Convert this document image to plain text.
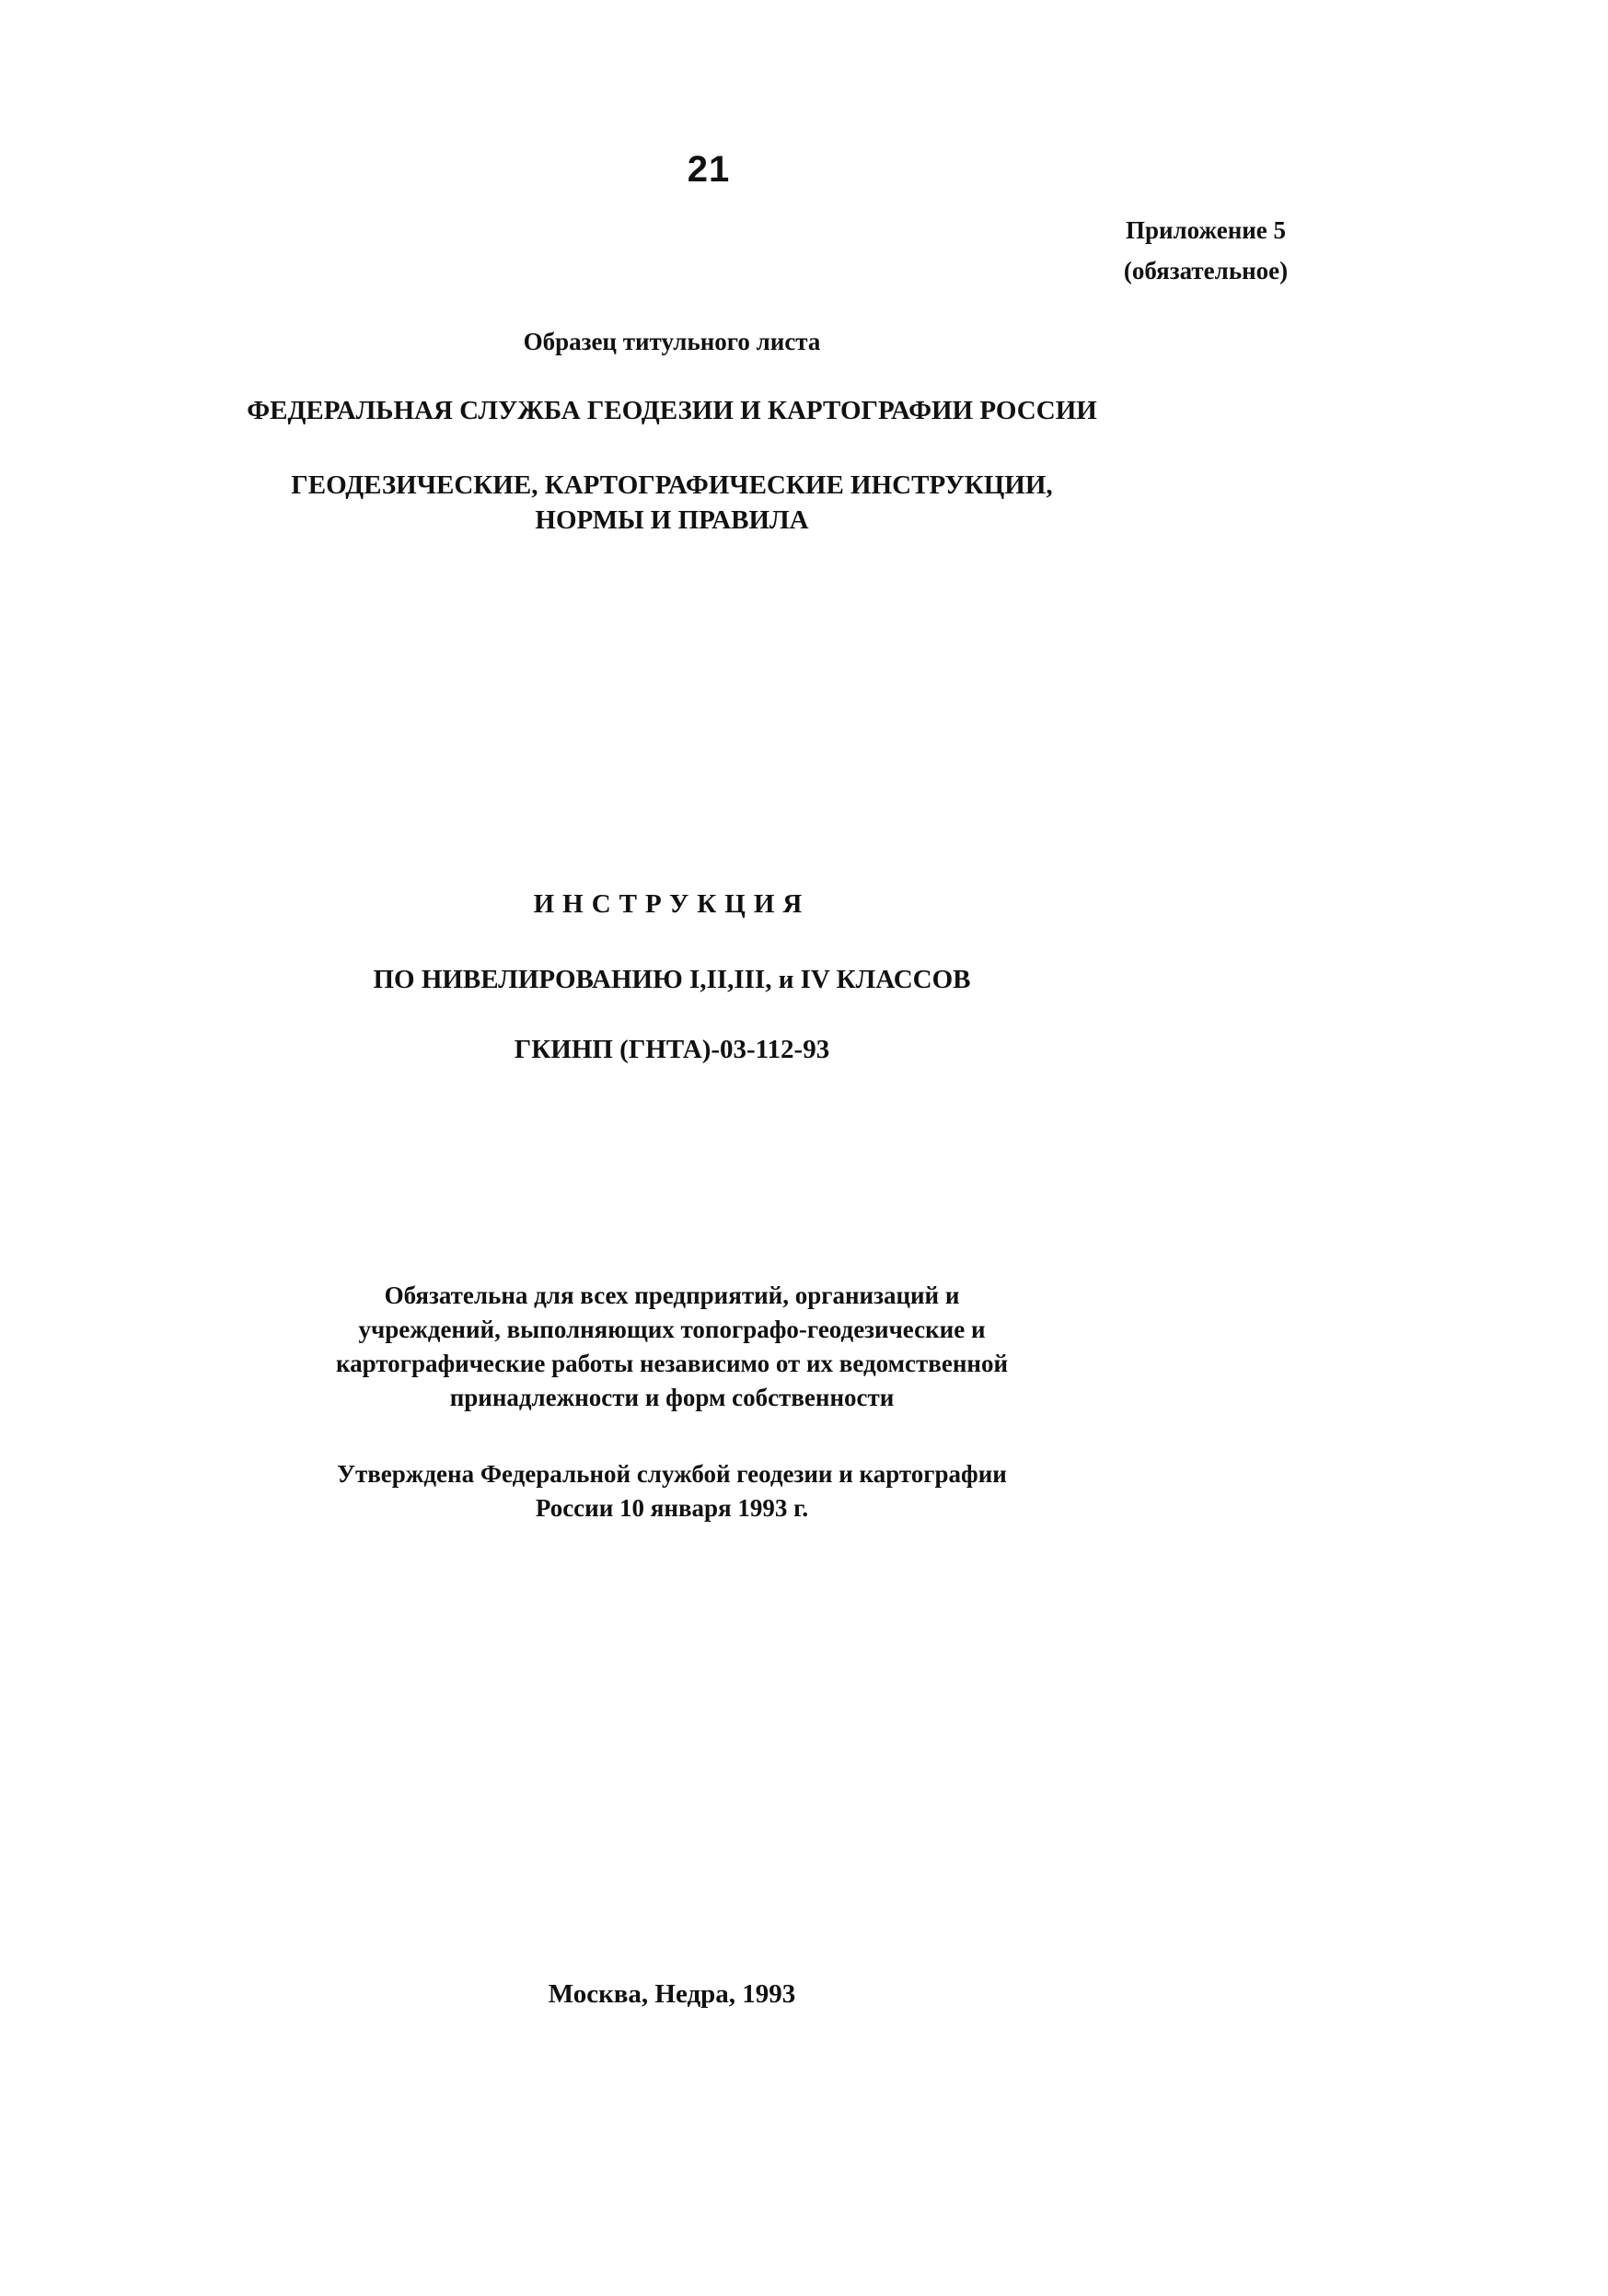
21
Приложение 5
(обязательное)
Образец титульного листа
ФЕДЕРАЛЬНАЯ СЛУЖБА ГЕОДЕЗИИ И КАРТОГРАФИИ РОССИИ
ГЕОДЕЗИЧЕСКИЕ, КАРТОГРАФИЧЕСКИЕ ИНСТРУКЦИИ,
НОРМЫ И ПРАВИЛА
ИНСТРУКЦИЯ
ПО НИВЕЛИРОВАНИЮ I,II,III, и IV КЛАССОВ
ГКИНП (ГНТА)-03-112-93
Обязательна для всех предприятий, организаций и
учреждений, выполняющих топографо-геодезические и
картографические работы независимо от их ведомственной
принадлежности и форм собственности
Утверждена Федеральной службой геодезии и картографии
России 10 января 1993 г.
Москва, Недра, 1993
